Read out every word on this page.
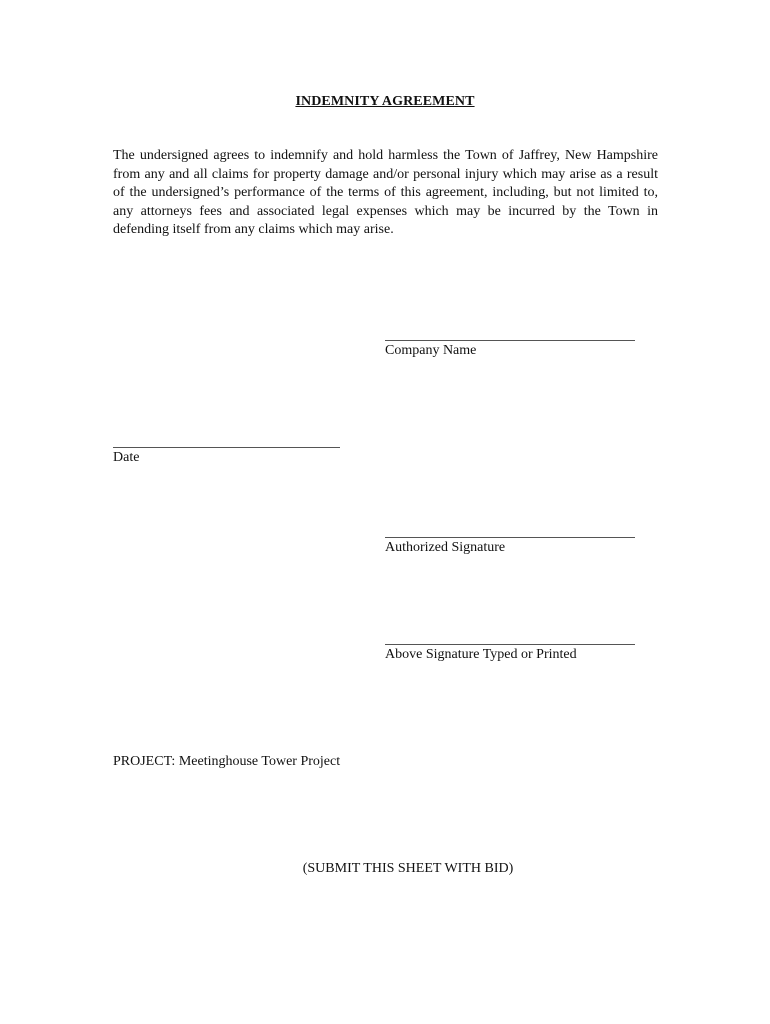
INDEMNITY AGREEMENT
The undersigned agrees to indemnify and hold harmless the Town of Jaffrey, New Hampshire from any and all claims for property damage and/or personal injury which may arise as a result of the undersigned’s performance of the terms of this agreement, including, but not limited to, any attorneys fees and associated legal expenses which may be incurred by the Town in defending itself from any claims which may arise.
Company Name
Date
Authorized Signature
Above Signature Typed or Printed
PROJECT: Meetinghouse Tower Project
(SUBMIT THIS SHEET WITH BID)
